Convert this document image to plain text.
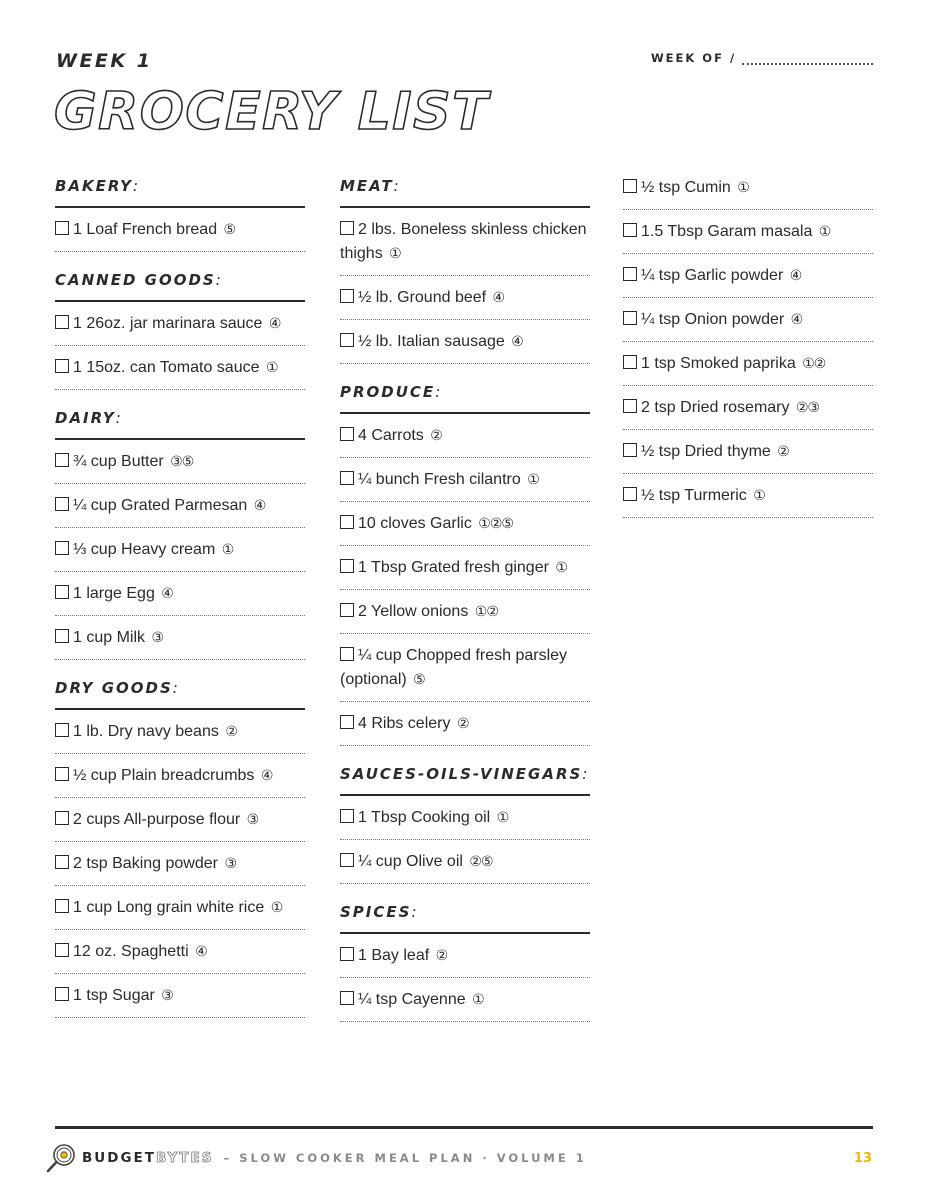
WEEK 1
GROCERY LIST
WEEK OF /
BAKERY:
1 Loaf French bread ⑤
CANNED GOODS:
1 26oz. jar marinara sauce ④
1 15oz. can Tomato sauce ①
DAIRY:
¾ cup Butter ③⑤
¼ cup Grated Parmesan ④
⅓ cup Heavy cream ①
1 large Egg ④
1 cup Milk ③
DRY GOODS:
1 lb. Dry navy beans ②
½ cup Plain breadcrumbs ④
2 cups All-purpose flour ③
2 tsp Baking powder ③
1 cup Long grain white rice ①
12 oz. Spaghetti ④
1 tsp Sugar ③
MEAT:
2 lbs. Boneless skinless chicken thighs ①
½ lb. Ground beef ④
½ lb. Italian sausage ④
PRODUCE:
4 Carrots ②
¼ bunch Fresh cilantro ①
10 cloves Garlic ①②⑤
1 Tbsp Grated fresh ginger ①
2 Yellow onions ①②
¼ cup Chopped fresh parsley (optional) ⑤
4 Ribs celery ②
SAUCES-OILS-VINEGARS:
1 Tbsp Cooking oil ①
¼ cup Olive oil ②⑤
SPICES:
1 Bay leaf ②
¼ tsp Cayenne ①
½ tsp Cumin ①
1.5 Tbsp Garam masala ①
¼ tsp Garlic powder ④
¼ tsp Onion powder ④
1 tsp Smoked paprika ①②
2 tsp Dried rosemary ②③
½ tsp Dried thyme ②
½ tsp Turmeric ①
BUDGET BYTES – SLOW COOKER MEAL PLAN · VOLUME 1	13
